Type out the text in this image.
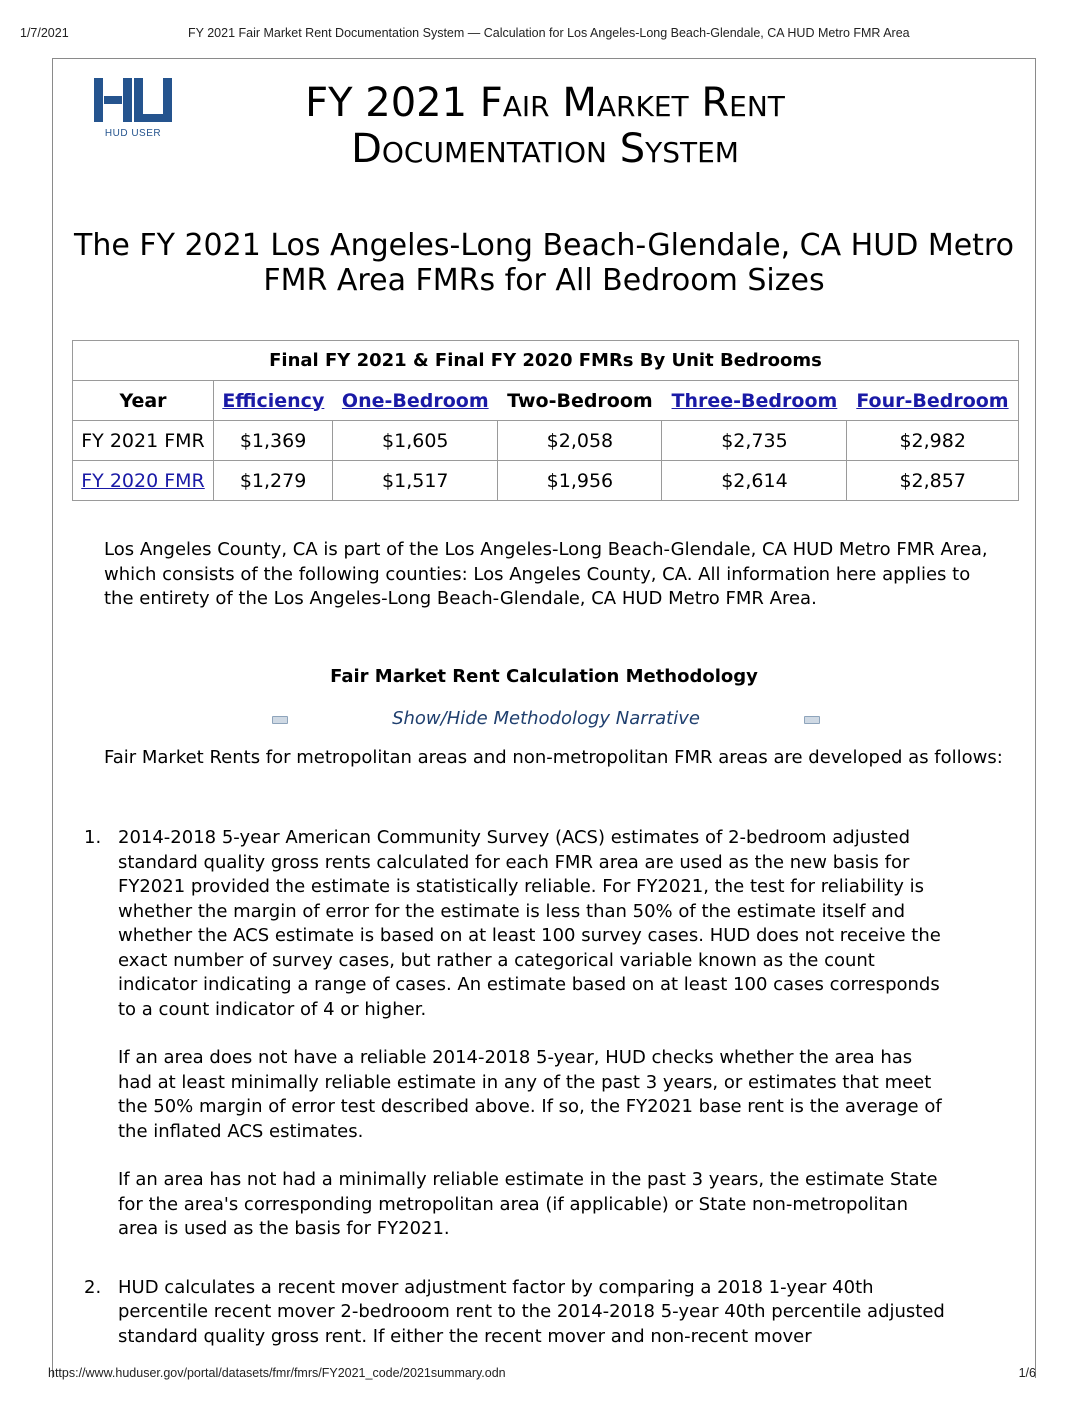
1/7/2021	FY 2021 Fair Market Rent Documentation System — Calculation for Los Angeles-Long Beach-Glendale, CA HUD Metro FMR Area
HUD USER
FY 2021 Fair Market Rent
Documentation System
The FY 2021 Los Angeles-Long Beach-Glendale, CA HUD Metro
FMR Area FMRs for All Bedroom Sizes
Final FY 2021 & Final FY 2020 FMRs By Unit Bedrooms					
Year	Efficiency	One-Bedroom	Two-Bedroom	Three-Bedroom	Four-Bedroom
FY 2021 FMR	$1,369	$1,605	$2,058	$2,735	$2,982
FY 2020 FMR	$1,279	$1,517	$1,956	$2,614	$2,857

Los Angeles County, CA is part of the Los Angeles-Long Beach-Glendale, CA HUD Metro FMR Area, which consists of the following counties: Los Angeles County, CA. All information here applies to the entirety of the Los Angeles-Long Beach-Glendale, CA HUD Metro FMR Area.

Fair Market Rent Calculation Methodology
Show/Hide Methodology Narrative

Fair Market Rents for metropolitan areas and non-metropolitan FMR areas are developed as follows:

1. 2014-2018 5-year American Community Survey (ACS) estimates of 2-bedroom adjusted standard quality gross rents calculated for each FMR area are used as the new basis for FY2021 provided the estimate is statistically reliable. For FY2021, the test for reliability is whether the margin of error for the estimate is less than 50% of the estimate itself and whether the ACS estimate is based on at least 100 survey cases. HUD does not receive the exact number of survey cases, but rather a categorical variable known as the count indicator indicating a range of cases. An estimate based on at least 100 cases corresponds to a count indicator of 4 or higher.

If an area does not have a reliable 2014-2018 5-year, HUD checks whether the area has had at least minimally reliable estimate in any of the past 3 years, or estimates that meet the 50% margin of error test described above. If so, the FY2021 base rent is the average of the inflated ACS estimates.

If an area has not had a minimally reliable estimate in the past 3 years, the estimate State for the area's corresponding metropolitan area (if applicable) or State non-metropolitan area is used as the basis for FY2021.

2. HUD calculates a recent mover adjustment factor by comparing a 2018 1-year 40th percentile recent mover 2-bedrooom rent to the 2014-2018 5-year 40th percentile adjusted standard quality gross rent. If either the recent mover and non-recent mover

https://www.huduser.gov/portal/datasets/fmr/fmrs/FY2021_code/2021summary.odn	1/6
